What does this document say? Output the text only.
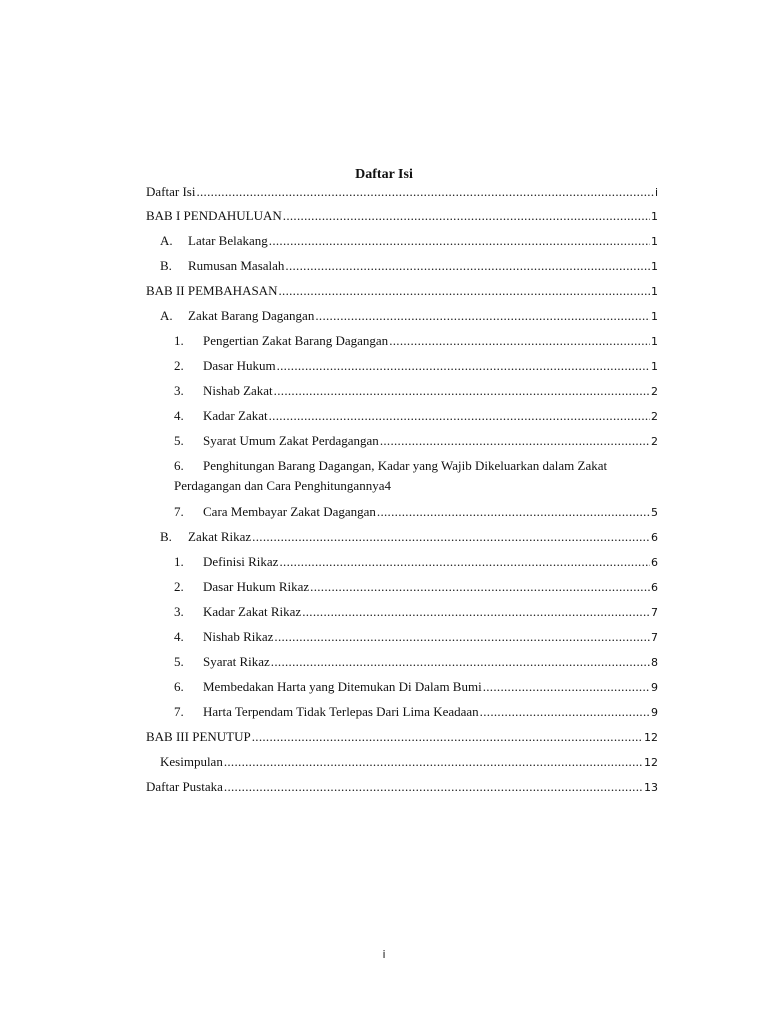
Daftar Isi
Daftar Isi .....	i
BAB I PENDAHULUAN .....	1
A.	Latar Belakang .....	1
B.	Rumusan Masalah .....	1
BAB II PEMBAHASAN .....	1
A.	Zakat Barang Dagangan .....	1
1.	Pengertian Zakat Barang Dagangan .....	1
2.	Dasar Hukum .....	1
3.	Nishab Zakat .....	2
4.	Kadar Zakat .....	2
5.	Syarat Umum Zakat Perdagangan .....	2
6. Penghitungan Barang Dagangan, Kadar yang Wajib Dikeluarkan dalam Zakat
Perdagangan dan Cara Penghitungannya 4
7.	Cara Membayar Zakat Dagangan .....	5
B.	Zakat Rikaz .....	6
1.	Definisi Rikaz .....	6
2.	Dasar Hukum Rikaz .....	6
3.	Kadar Zakat Rikaz .....	7
4.	Nishab Rikaz .....	7
5.	Syarat Rikaz .....	8
6.	Membedakan Harta yang Ditemukan Di Dalam Bumi .....	9
7.	Harta Terpendam Tidak Terlepas Dari Lima Keadaan .....	9
BAB III PENUTUP .....	12
Kesimpulan .....	12
Daftar Pustaka .....	13
i
